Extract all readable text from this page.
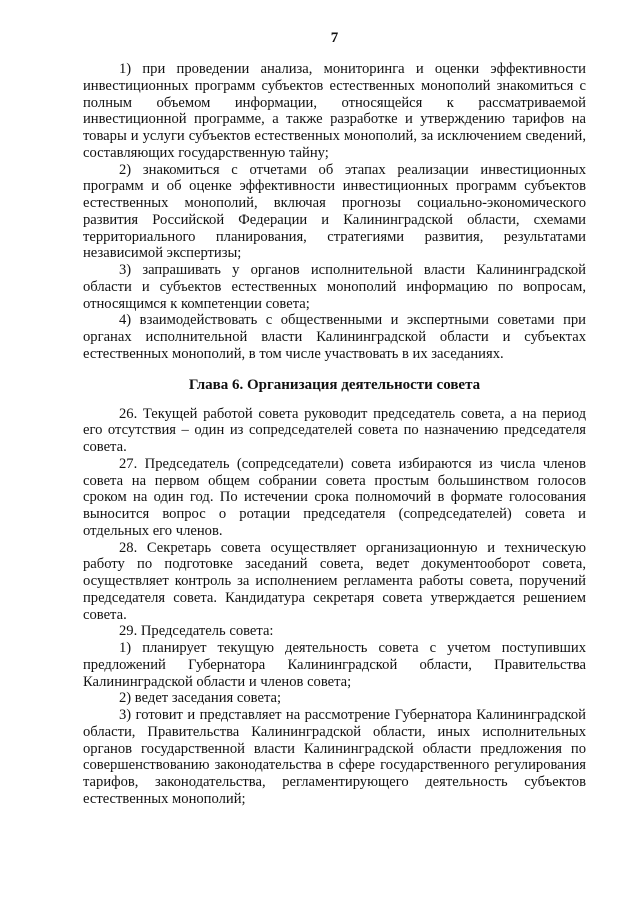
7

1) при проведении анализа, мониторинга и оценки эффективности инвестиционных программ субъектов естественных монополий знакомиться с полным объемом информации, относящейся к рассматриваемой инвестиционной программе, а также разработке и утверждению тарифов на товары и услуги субъектов естественных монополий, за исключением сведений, составляющих государственную тайну;

2) знакомиться с отчетами об этапах реализации инвестиционных программ и об оценке эффективности инвестиционных программ субъектов естественных монополий, включая прогнозы социально-экономического развития Российской Федерации и Калининградской области, схемами территориального планирования, стратегиями развития, результатами независимой экспертизы;

3) запрашивать у органов исполнительной власти Калининградской области и субъектов естественных монополий информацию по вопросам, относящимся к компетенции совета;

4) взаимодействовать с общественными и экспертными советами при органах исполнительной власти Калининградской области и субъектах естественных монополий, в том числе участвовать в их заседаниях.

Глава 6. Организация деятельности совета

26. Текущей работой совета руководит председатель совета, а на период его отсутствия – один из сопредседателей совета по назначению председателя совета.

27. Председатель (сопредседатели) совета избираются из числа членов совета на первом общем собрании совета простым большинством голосов сроком на один год. По истечении срока полномочий в формате голосования выносится вопрос о ротации председателя (сопредседателей) совета и отдельных его членов.

28. Секретарь совета осуществляет организационную и техническую работу по подготовке заседаний совета, ведет документооборот совета, осуществляет контроль за исполнением регламента работы совета, поручений председателя совета. Кандидатура секретаря совета утверждается решением совета.

29. Председатель совета:

1) планирует текущую деятельность совета с учетом поступивших предложений Губернатора Калининградской области, Правительства Калининградской области и членов совета;

2) ведет заседания совета;

3) готовит и представляет на рассмотрение Губернатора Калининградской области, Правительства Калининградской области, иных исполнительных органов государственной власти Калининградской области предложения по совершенствованию законодательства в сфере государственного регулирования тарифов, законодательства, регламентирующего деятельность субъектов естественных монополий;
